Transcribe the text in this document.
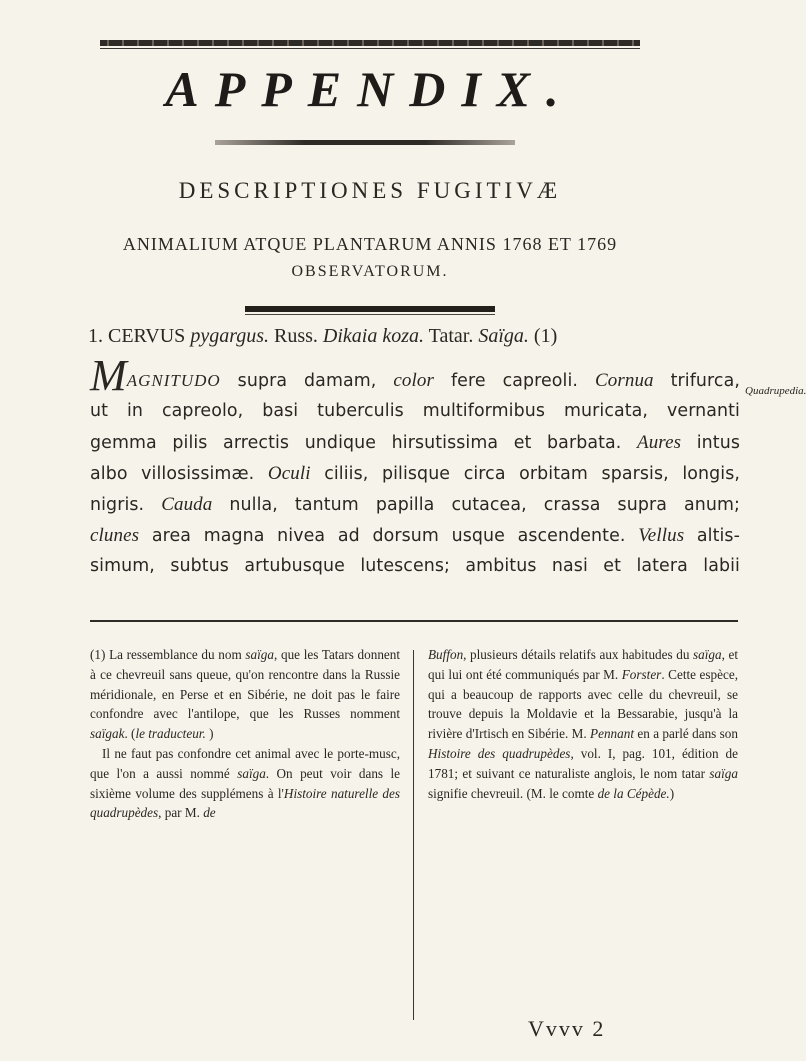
APPENDIX.
DESCRIPTIONES FUGITIVÆ
ANIMALIUM ATQUE PLANTARUM ANNIS 1768 ET 1769
OBSERVATORUM.
1. CERVUS pygargus. Russ. Dikaia koza. Tatar. Saïga. (1)
Quadrupedia.
MAGNITUDO supra damam, color fere capreoli. Cornua trifurca,
ut in capreolo, basi tuberculis multiformibus muricata, vernanti
gemma pilis arrectis undique hirsutissima et barbata. Aures intus
albo villosissimæ. Oculi ciliis, pilisque circa orbitam sparsis, longis,
nigris. Cauda nulla, tantum papilla cutacea, crassa supra anum;
clunes area magna nivea ad dorsum usque ascendente. Vellus altis-
simum, subtus artubusque lutescens; ambitus nasi et latera labii

(1) La ressemblance du nom saïga, que les Tatars donnent à ce chevreuil sans queue, qu'on rencontre dans la Russie méridionale, en Perse et en Sibérie, ne doit pas le faire confondre avec l'antilope, que les Russes nomment saïgak. (le traducteur. )

Il ne faut pas confondre cet animal avec le porte-musc, que l'on a aussi nommé saïga. On peut voir dans le sixième volume des supplémens à l'Histoire naturelle des quadrupèdes, par M. de

Buffon, plusieurs détails relatifs aux habitudes du saïga, et qui lui ont été communiqués par M. Forster. Cette espèce, qui a beaucoup de rapports avec celle du chevreuil, se trouve depuis la Moldavie et la Bessarabie, jusqu'à la rivière d'Irtisch en Sibérie. M. Pennant en a parlé dans son Histoire des quadrupèdes, vol. I, pag. 101, édition de 1781; et suivant ce naturaliste anglois, le nom tatar saïga signifie chevreuil. (M. le comte de la Cépède.)

Vvvv 2
